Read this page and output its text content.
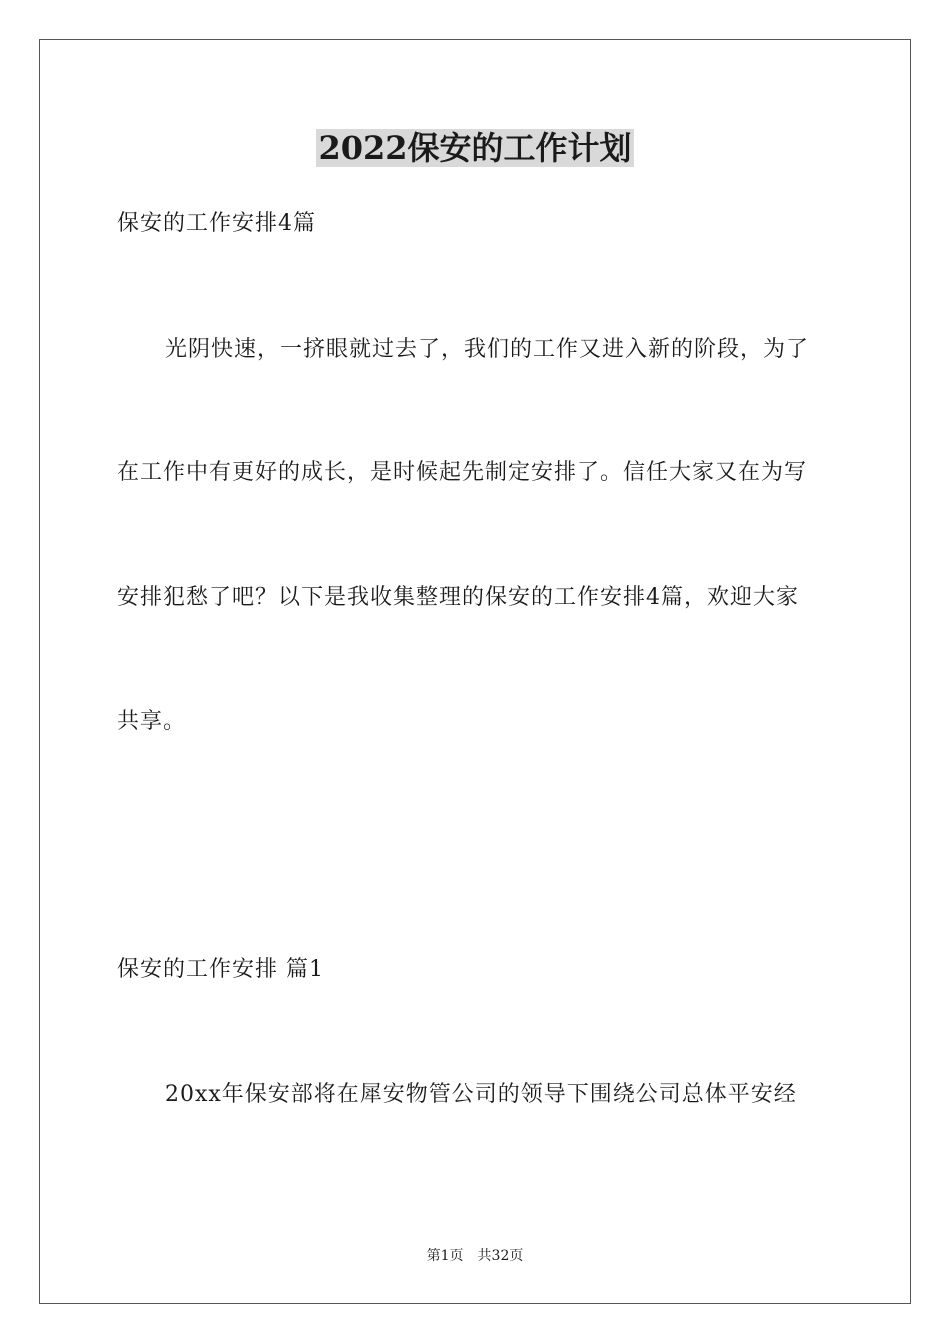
2022保安的工作计划
保安的工作安排4篇
光阴快速，一挤眼就过去了，我们的工作又进入新的阶段，为了
在工作中有更好的成长，是时候起先制定安排了。信任大家又在为写
安排犯愁了吧？以下是我收集整理的保安的工作安排4篇，欢迎大家
共享。
保安的工作安排 篇1
20xx年保安部将在犀安物管公司的领导下围绕公司总体平安经
第1页　共32页
